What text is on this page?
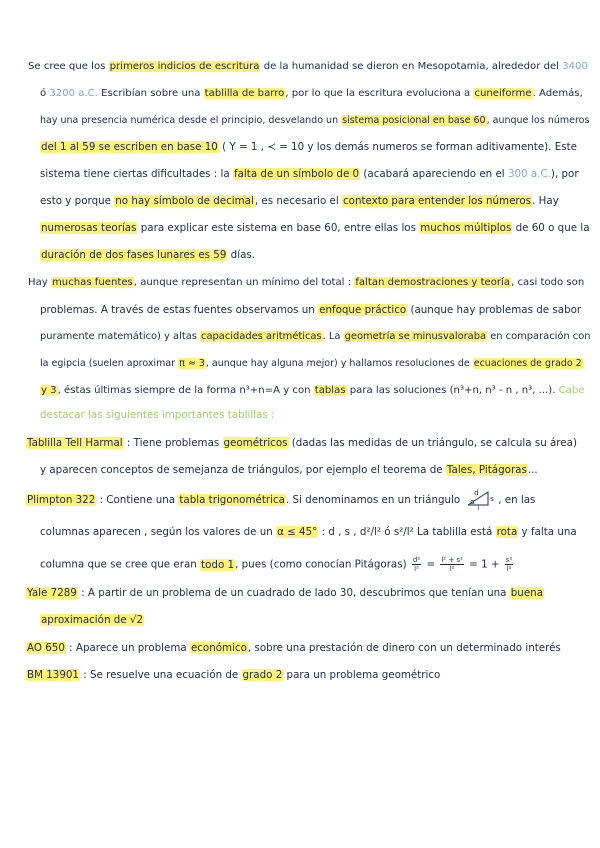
Se cree que los primeros indicios de escritura de la humanidad se dieron en Mesopotamia, alrededor del 3400
ó 3200 a.C. Escribían sobre una tablilla de barro, por lo que la escritura evoluciona a cuneiforme. Además,
hay una presencia numérica desde el principio, desvelando un sistema posicional en base 60, aunque los números
del 1 al 59 se escriben en base 10 ( Y = 1 , ≺ = 10 y los demás numeros se forman aditivamente). Este
sistema tiene ciertas dificultades : la falta de un símbolo de 0 (acabará apareciendo en el 300 a.C.), por
esto y porque no hay símbolo de decimal, es necesario el contexto para entender los números. Hay
numerosas teorías para explicar este sistema en base 60, entre ellas los muchos múltiplos de 60 o que la
duración de dos fases lunares es 59 días.
Hay muchas fuentes, aunque representan un mínimo del total : faltan demostraciones y teoría, casi todo son
problemas. A través de estas fuentes observamos un enfoque práctico (aunque hay problemas de sabor
puramente matemático) y altas capacidades aritméticas. La geometría se minusvaloraba en comparación con
la egipcia (suelen aproximar π ≈ 3, aunque hay alguna mejor) y hallamos resoluciones de ecuaciones de grado 2
y 3, éstas últimas siempre de la forma n³+n=A y con tablas para las soluciones (n³+n, n³ - n , n³, ...). Cabe
destacar las siguientes importantes tablillas :
Tablilla Tell Harmal : Tiene problemas geométricos (dadas las medidas de un triángulo, se calcula su área)
y aparecen conceptos de semejanza de triángulos, por ejemplo el teorema de Tales, Pitágoras...
Plimpton 322 : Contiene una tabla trigonométrica. Si denominamos en un triángulo
d
s
l
α , en las
columnas aparecen , según los valores de un α ≤ 45° : d , s , d²/l² ó s²/l² La tablilla está rota y falta una
columna que se cree que eran todo 1, pues (como conocían Pitágoras) $\frac{\text{d²}}{\text{l²}} = \frac{\text{l² + s²}}{\text{l²}} = 1 + \frac{\text{s²}}{\text{l²}}$
Yale 7289 : A partir de un problema de un cuadrado de lado 30, descubrimos que tenían una buena
aproximación de √2
AO 650 : Aparece un problema económico, sobre una prestación de dinero con un determinado interés
BM 13901 : Se resuelve una ecuación de grado 2 para un problema geométrico
